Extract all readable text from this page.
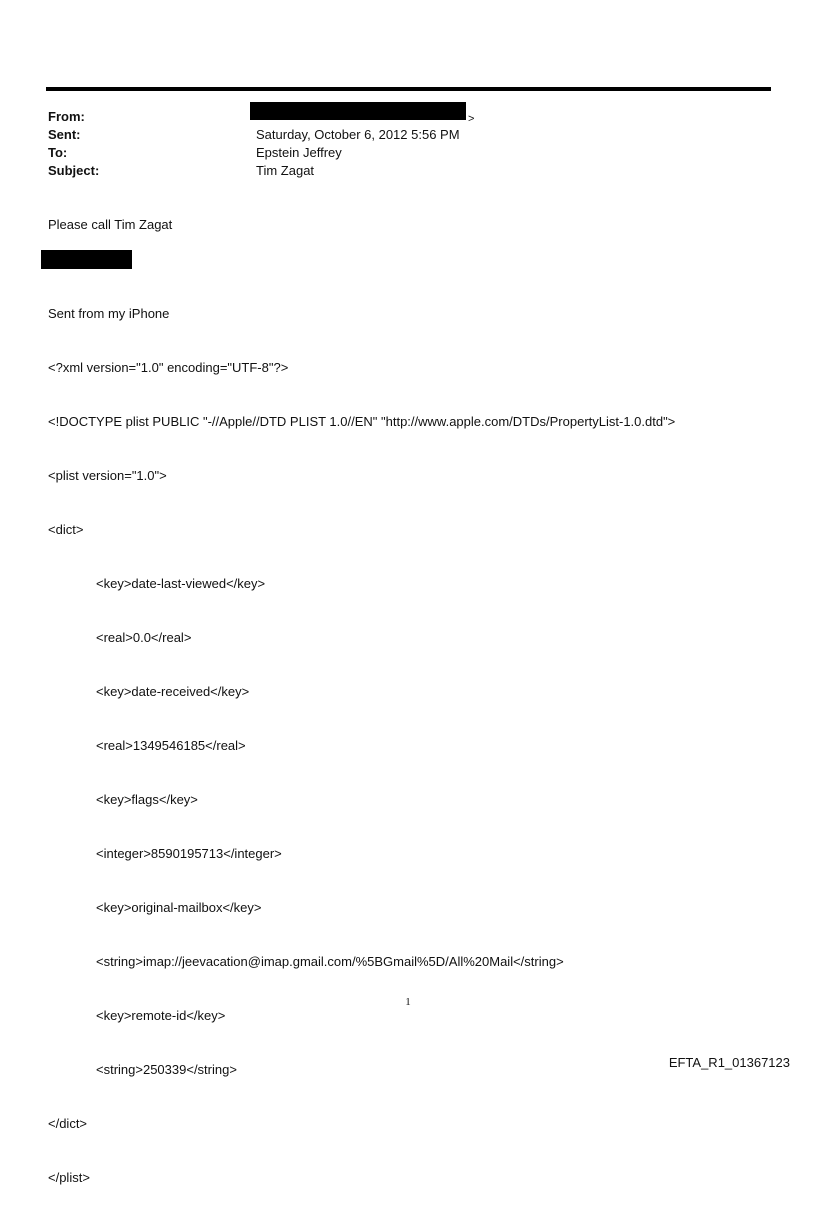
From:	>
Sent:	Saturday, October 6, 2012 5:56 PM
To:	Epstein Jeffrey
Subject:	Tim Zagat
Please call Tim Zagat
Sent from my iPhone

<?xml version="1.0" encoding="UTF-8"?>

<!DOCTYPE plist PUBLIC "-//Apple//DTD PLIST 1.0//EN" "http://www.apple.com/DTDs/PropertyList-1.0.dtd">

<plist version="1.0">

<dict>

<key>date-last-viewed</key>

<real>0.0</real>

<key>date-received</key>

<real>1349546185</real>

<key>flags</key>

<integer>8590195713</integer>

<key>original-mailbox</key>

<string>imap://jeevacation@imap.gmail.com/%5BGmail%5D/All%20Mail</string>

<key>remote-id</key>

<string>250339</string>

</dict>

</plist>

1
EFTA_R1_01367123
